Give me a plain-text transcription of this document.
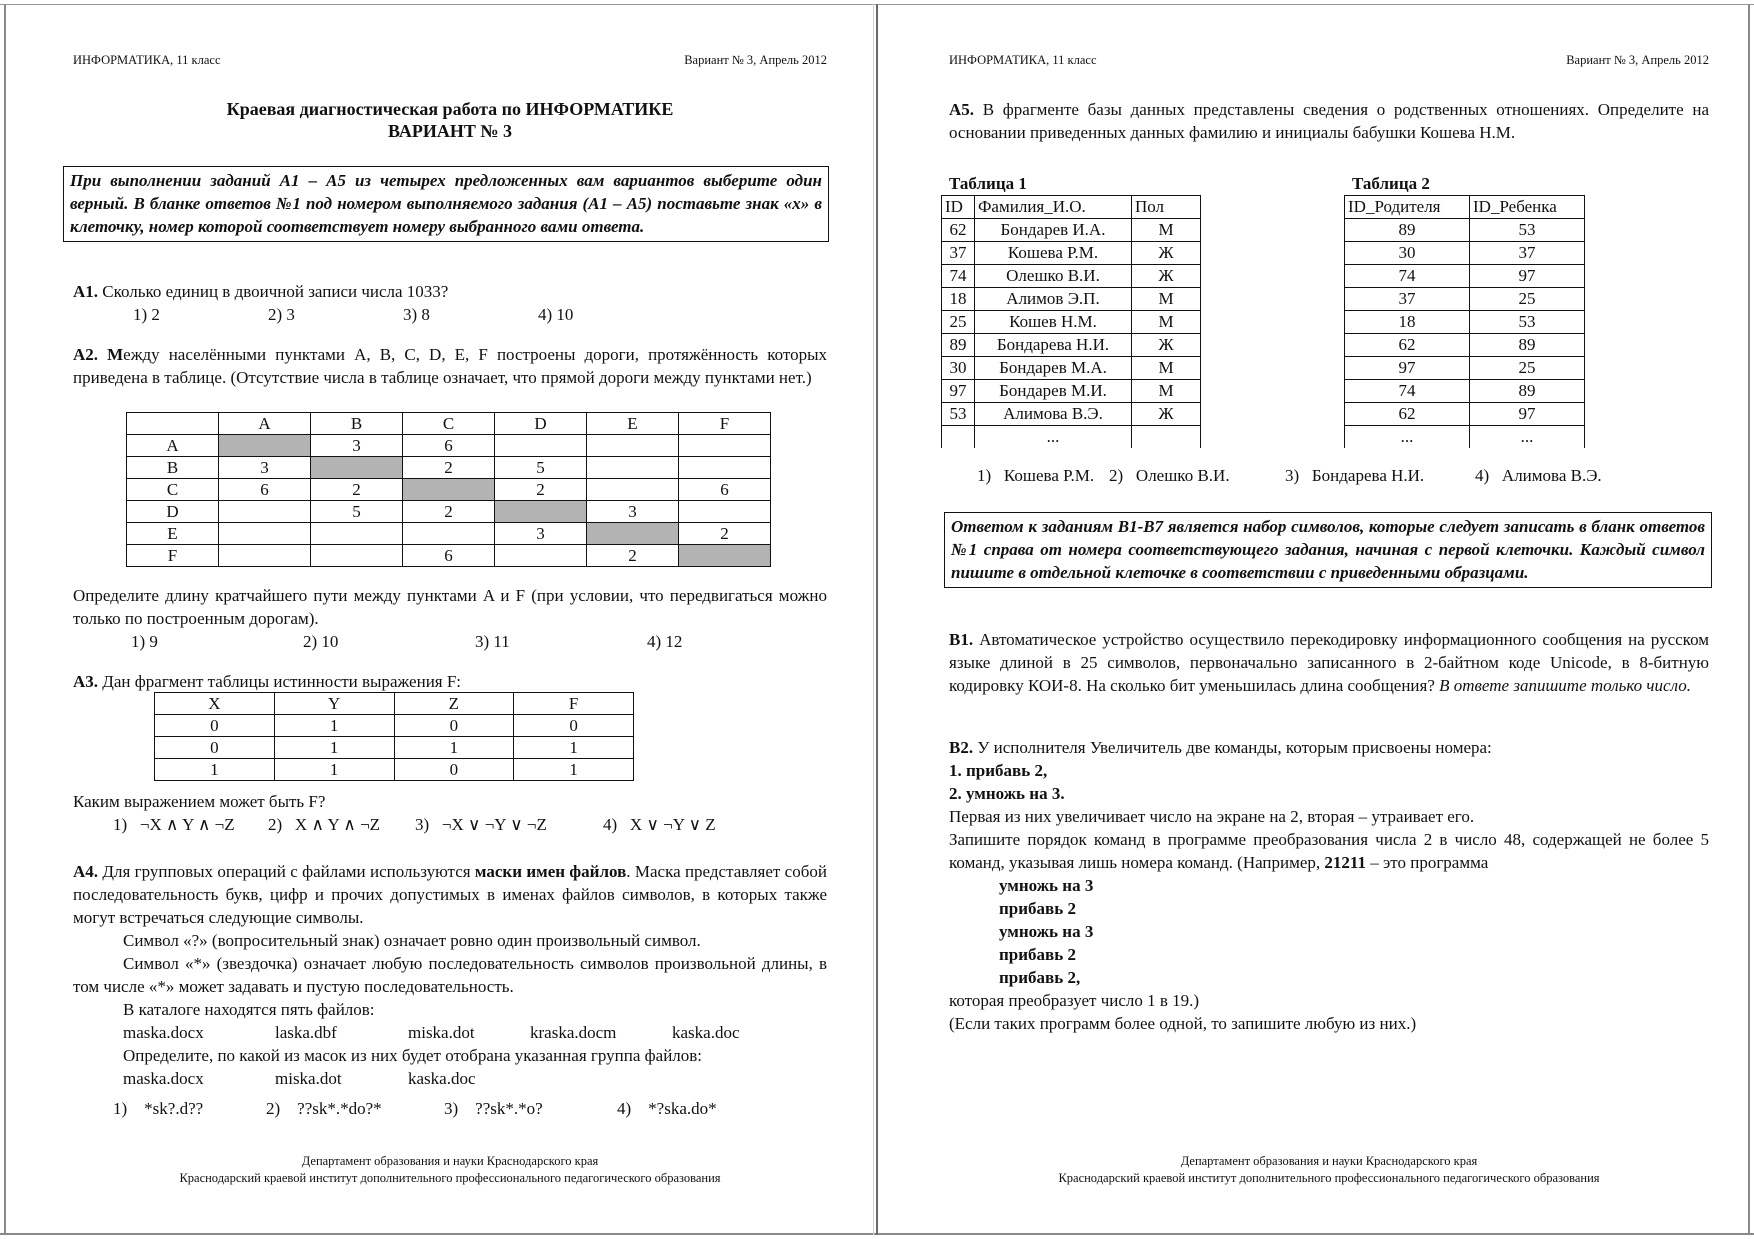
ИНФОРМАТИКА, 11 класс	Вариант № 3, Апрель 2012
Краевая диагностическая работа по ИНФОРМАТИКЕ
ВАРИАНТ № 3
При выполнении заданий А1 – А5 из четырех предложенных вам вариантов выберите один верный. В бланке ответов №1 под номером выполняемого задания (А1 – А5) поставьте знак «х» в клеточку, номер которой соответствует номеру выбранного вами ответа.

А1. Сколько единиц в двоичной записи числа 1033?

1) 2	2) 3	3) 8	4) 10

А2. Между населёнными пунктами A, B, C, D, E, F построены дороги, протяжённость которых приведена в таблице. (Отсутствие числа в таблице означает, что прямой дороги между пунктами нет.)

	A	B	C	D	E	F
A		3	6			
B	3		2	5		
C	6	2		2		6
D		5	2		3	
E				3		2
F			6		2	

Определите длину кратчайшего пути между пунктами A и F (при условии, что передвигаться можно только по построенным дорогам).

1) 9	2) 10	3) 11	4) 12

А3. Дан фрагмент таблицы истинности выражения F:

X	Y	Z	F
0	1	0	0
0	1	1	1
1	1	0	1

Каким выражением может быть F?

1)   ¬X ∧ Y ∧ ¬Z	2)   X ∧ Y ∧ ¬Z	3)   ¬X ∨ ¬Y ∨ ¬Z	4)   X ∨ ¬Y ∨ Z

А4. Для групповых операций с файлами используются маски имен файлов. Маска представляет собой последовательность букв, цифр и прочих допустимых в именах файлов символов, в которых также могут встречаться следующие символы.

Символ «?» (вопросительный знак) означает ровно один произвольный символ.

Символ «*» (звездочка) означает любую последовательность символов произвольной длины, в том числе «*» может задавать и пустую последовательность.

В каталоге находятся пять файлов:

maska.docx	laska.dbf	miska.dot	kraska.docm	kaska.doc

Определите, по какой из масок из них будет отобрана указанная группа файлов:

maska.docx	miska.dot	kaska.doc
1)    *sk?.d??	2)    ??sk*.*do?*	3)    ??sk*.*o?	4)    *?ska.do*
Департамент образования и науки Краснодарского края
Краснодарский краевой институт дополнительного профессионального педагогического образования
ИНФОРМАТИКА, 11 класс	Вариант № 3, Апрель 2012

А5. В фрагменте базы данных представлены сведения о родственных отношениях. Определите на основании приведенных данных фамилию и инициалы бабушки Кошева Н.М.

Таблица 1
ID	Фамилия_И.О.	Пол
62	Бондарев И.А.	М
37	Кошева Р.М.	Ж
74	Олешко В.И.	Ж
18	Алимов Э.П.	М
25	Кошев Н.М.	М
89	Бондарева Н.И.	Ж
30	Бондарев М.А.	М
97	Бондарев М.И.	М
53	Алимова В.Э.	Ж
	...	
Таблица 2
ID_Родителя	ID_Ребенка
89	53
30	37
74	97
37	25
18	53
62	89
97	25
74	89
62	97
...	...
1)   Кошева Р.М. 2)   Олешко В.И.	3)   Бондарева Н.И.	4)   Алимова В.Э.
Ответом к заданиям В1-В7 является набор символов, которые следует записать в бланк ответов №1 справа от номера соответствующего задания, начиная с первой клеточки. Каждый символ пишите в отдельной клеточке в соответствии с приведенными образцами.

В1. Автоматическое устройство осуществило перекодировку информационного сообщения на русском языке длиной в 25 символов, первоначально записанного в 2-байтном коде Unicode, в 8-битную кодировку КОИ-8. На сколько бит уменьшилась длина сообщения? В ответе запишите только число.

В2. У исполнителя Увеличитель две команды, которым присвоены номера:

1. прибавь 2,

2. умножь на 3.

Первая из них увеличивает число на экране на 2, вторая – утраивает его.

Запишите порядок команд в программе преобразования числа 2 в число 48, содержащей не более 5 команд, указывая лишь номера команд. (Например, 21211 – это программа

умножь на 3

прибавь 2

умножь на 3

прибавь 2

прибавь 2,

которая преобразует число 1 в 19.)

(Если таких программ более одной, то запишите любую из них.)

Департамент образования и науки Краснодарского края
Краснодарский краевой институт дополнительного профессионального педагогического образования
